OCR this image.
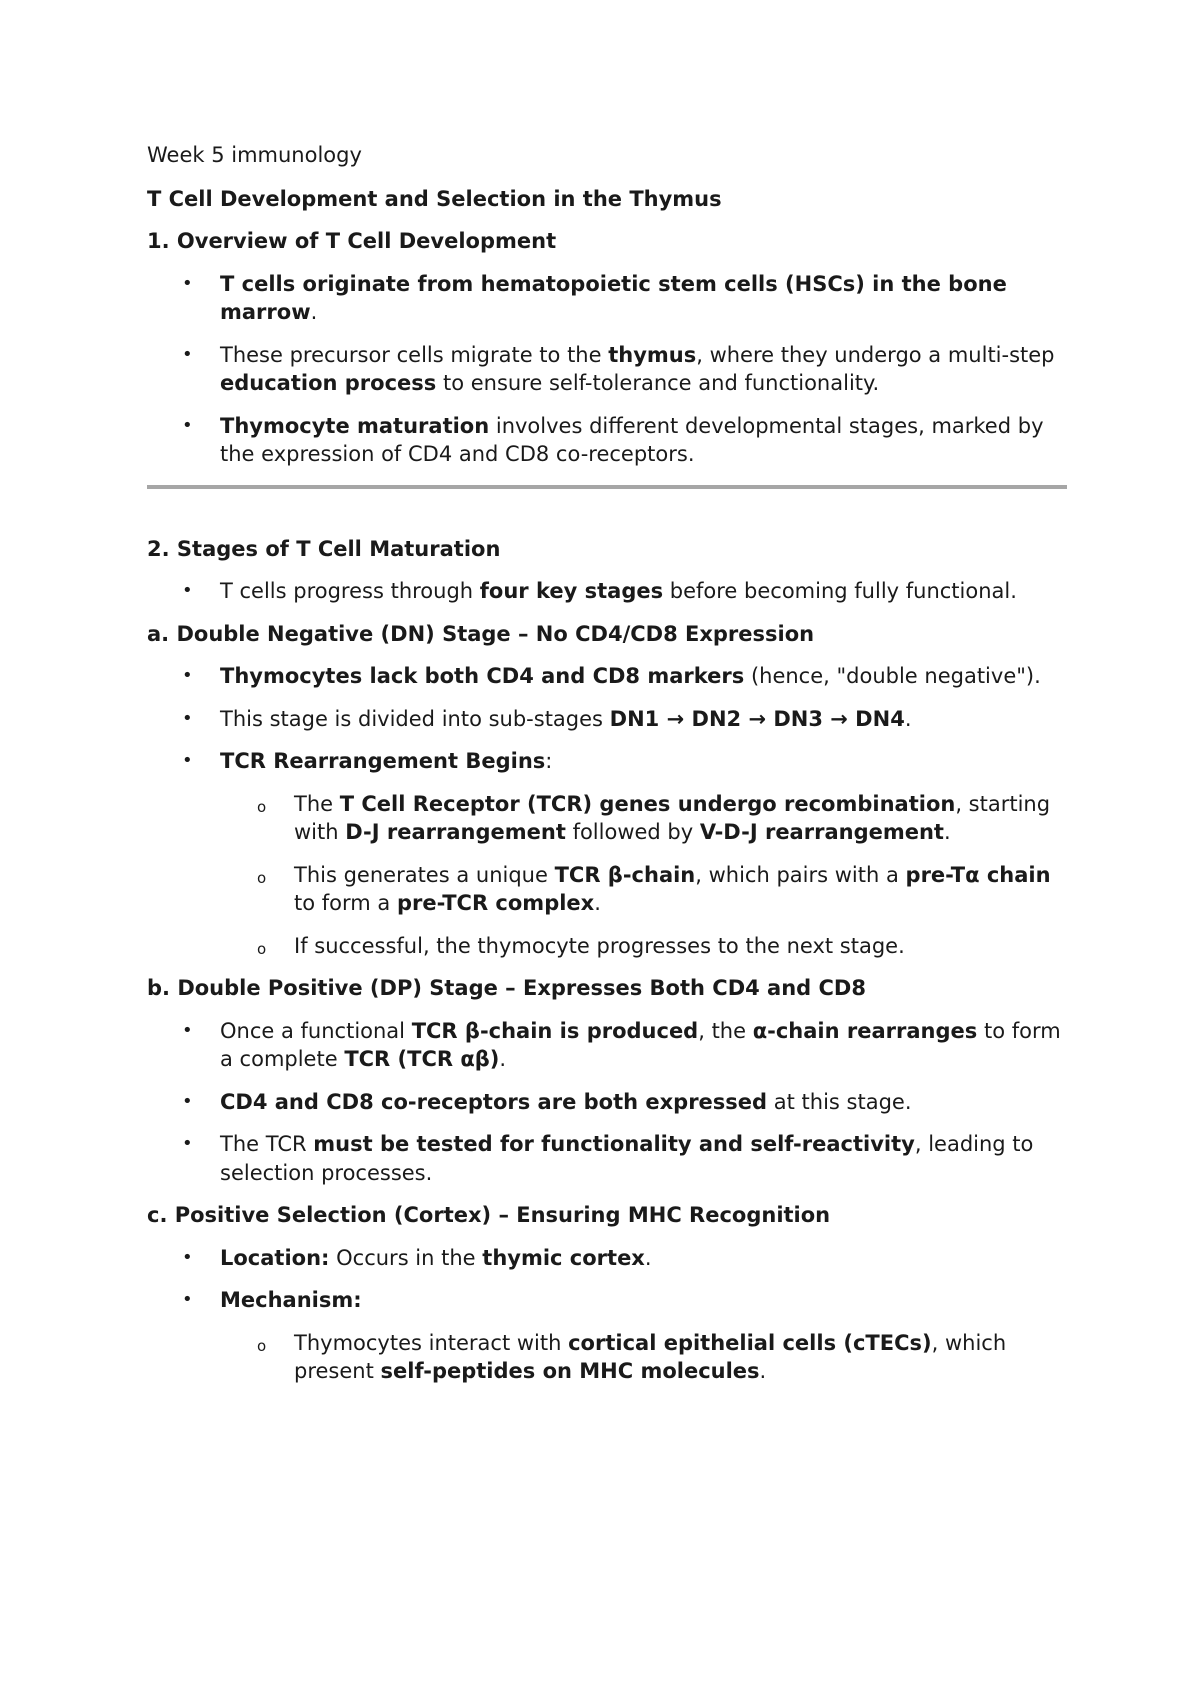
Week 5 immunology

T Cell Development and Selection in the Thymus

1. Overview of T Cell Development

• T cells originate from hematopoietic stem cells (HSCs) in the bone marrow.
• These precursor cells migrate to the thymus, where they undergo a multi-step education process to ensure self-tolerance and functionality.
• Thymocyte maturation involves different developmental stages, marked by the expression of CD4 and CD8 co-receptors.

2. Stages of T Cell Maturation

• T cells progress through four key stages before becoming fully functional.

a. Double Negative (DN) Stage – No CD4/CD8 Expression

• Thymocytes lack both CD4 and CD8 markers (hence, "double negative").
• This stage is divided into sub-stages DN1 → DN2 → DN3 → DN4.
• TCR Rearrangement Begins:
o The T Cell Receptor (TCR) genes undergo recombination, starting with D-J rearrangement followed by V-D-J rearrangement.
o This generates a unique TCR β-chain, which pairs with a pre-Tα chain to form a pre-TCR complex.
o If successful, the thymocyte progresses to the next stage.

b. Double Positive (DP) Stage – Expresses Both CD4 and CD8

• Once a functional TCR β-chain is produced, the α-chain rearranges to form a complete TCR (TCR αβ).
• CD4 and CD8 co-receptors are both expressed at this stage.
• The TCR must be tested for functionality and self-reactivity, leading to selection processes.

c. Positive Selection (Cortex) – Ensuring MHC Recognition

• Location: Occurs in the thymic cortex.
• Mechanism:
o Thymocytes interact with cortical epithelial cells (cTECs), which present self-peptides on MHC molecules.
